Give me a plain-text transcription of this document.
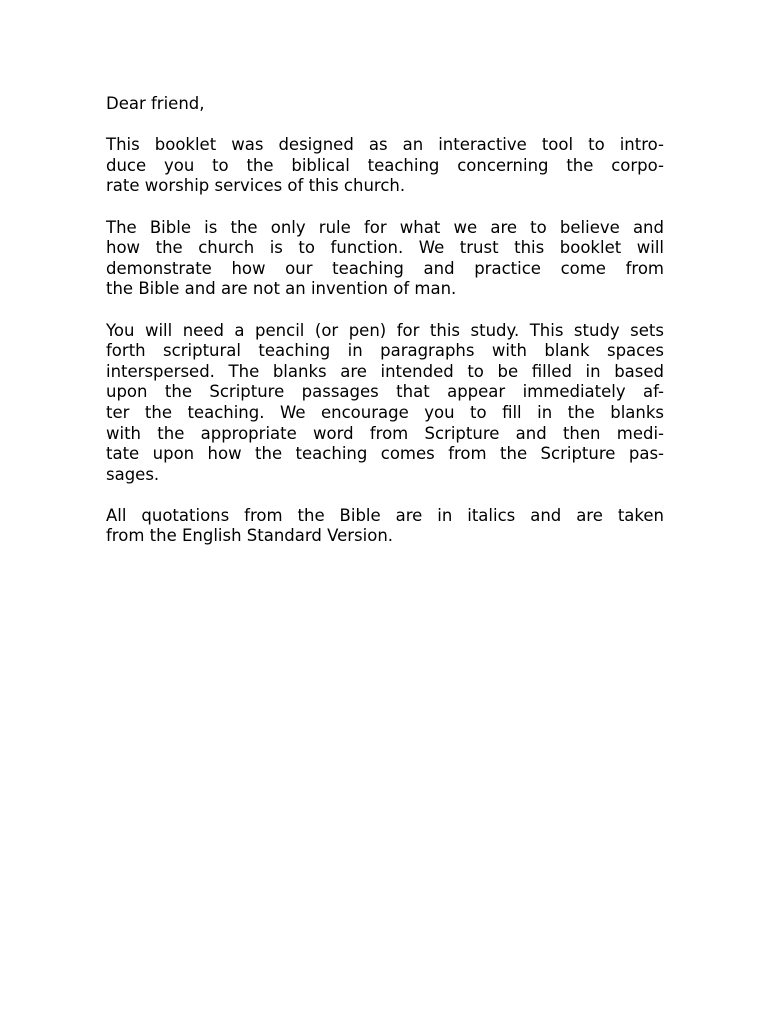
Dear friend,
This booklet was designed as an interactive tool to intro-
duce you to the biblical teaching concerning the corpo-
rate worship services of this church.
The Bible is the only rule for what we are to believe and
how the church is to function. We trust this booklet will
demonstrate how our teaching and practice come from
the Bible and are not an invention of man.
You will need a pencil (or pen) for this study. This study sets
forth scriptural teaching in paragraphs with blank spaces
interspersed. The blanks are intended to be filled in based
upon the Scripture passages that appear immediately af-
ter the teaching. We encourage you to fill in the blanks
with the appropriate word from Scripture and then medi-
tate upon how the teaching comes from the Scripture pas-
sages.
All quotations from the Bible are in italics and are taken
from the English Standard Version.
